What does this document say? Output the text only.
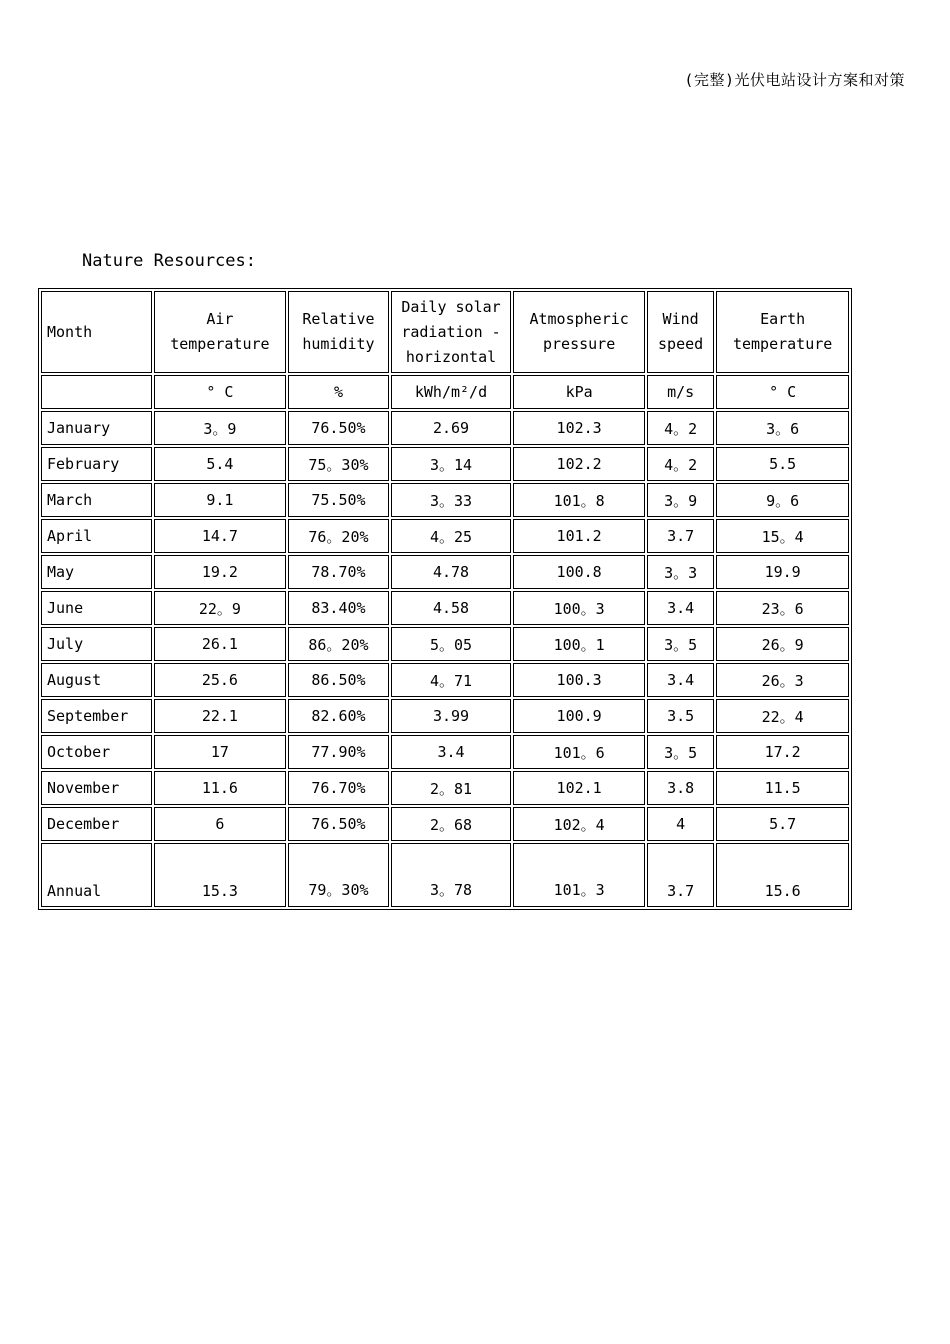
(完整)光伏电站设计方案和对策
Nature Resources:
Month	Air temperature	Relative humidity	Daily solar radiation - horizontal	Atmospheric pressure	Wind speed	Earth temperature
	° C	%	kWh/m²/d	kPa	m/s	° C
January	3。9	76.50%	2.69	102.3	4。2	3。6
February	5.4	75。30%	3。14	102.2	4。2	5.5
March	9.1	75.50%	3。33	101。8	3。9	9。6
April	14.7	76。20%	4。25	101.2	3.7	15。4
May	19.2	78.70%	4.78	100.8	3。3	19.9
June	22。9	83.40%	4.58	100。3	3.4	23。6
July	26.1	86。20%	5。05	100。1	3。5	26。9
August	25.6	86.50%	4。71	100.3	3.4	26。3
September	22.1	82.60%	3.99	100.9	3.5	22。4
October	17	77.90%	3.4	101。6	3。5	17.2
November	11.6	76.70%	2。81	102.1	3.8	11.5
December	6	76.50%	2。68	102。4	4	5.7
Annual	15.3	79。30%	3。78	101。3	3.7	15.6
